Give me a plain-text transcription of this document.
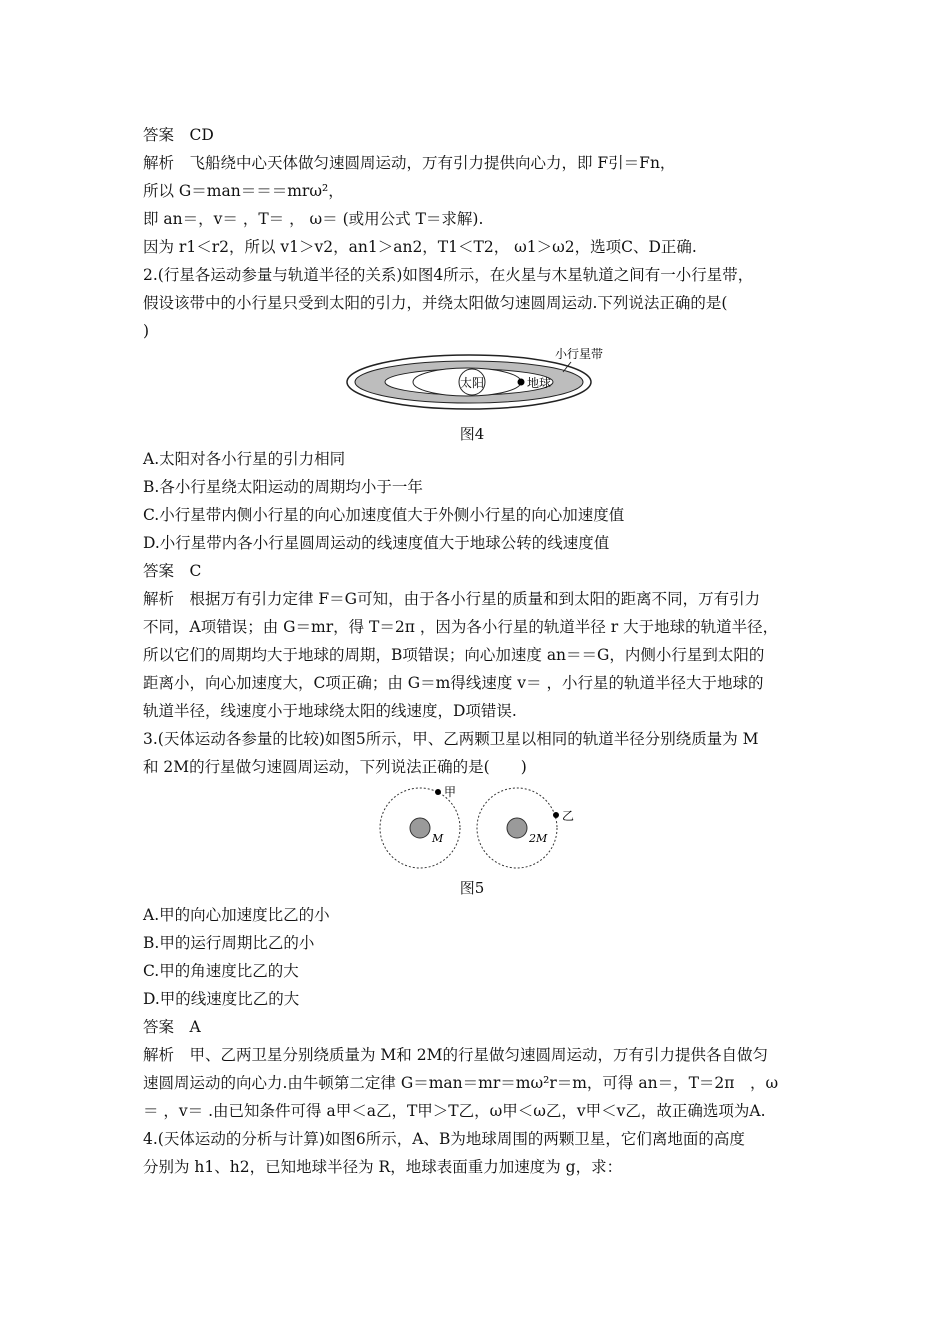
答案　CD
解析　飞船绕中心天体做匀速圆周运动，万有引力提供向心力，即 F引＝Fn，
所以 G＝man＝＝＝mrω²，
即 an＝，v＝ ，T＝ ， ω＝ (或用公式 T＝求解).
因为 r1＜r2，所以 v1＞v2，an1＞an2，T1＜T2， ω1＞ω2，选项C、D正确.
2.(行星各运动参量与轨道半径的关系)如图4所示，在火星与木星轨道之间有一小行星带，
假设该带中的小行星只受到太阳的引力，并绕太阳做匀速圆周运动.下列说法正确的是(
)
太阳	地球
小行星带
图4
A.太阳对各小行星的引力相同
B.各小行星绕太阳运动的周期均小于一年
C.小行星带内侧小行星的向心加速度值大于外侧小行星的向心加速度值
D.小行星带内各小行星圆周运动的线速度值大于地球公转的线速度值
答案　C
解析　根据万有引力定律 F＝G可知，由于各小行星的质量和到太阳的距离不同，万有引力
不同，A项错误；由 G＝mr，得 T＝2π ，因为各小行星的轨道半径 r 大于地球的轨道半径，
所以它们的周期均大于地球的周期，B项错误；向心加速度 an＝＝G，内侧小行星到太阳的
距离小，向心加速度大，C项正确；由 G＝m得线速度 v＝ ，小行星的轨道半径大于地球的
轨道半径，线速度小于地球绕太阳的线速度，D项错误.
3.(天体运动各参量的比较)如图5所示，甲、乙两颗卫星以相同的轨道半径分别绕质量为 M
和 2M的行星做匀速圆周运动，下列说法正确的是(　　)
M
甲
2M
乙
图5
A.甲的向心加速度比乙的小
B.甲的运行周期比乙的小
C.甲的角速度比乙的大
D.甲的线速度比乙的大
答案　A
解析　甲、乙两卫星分别绕质量为 M和 2M的行星做匀速圆周运动，万有引力提供各自做匀
速圆周运动的向心力.由牛顿第二定律 G＝man＝mr＝mω²r＝m，可得 an＝，T＝2π　，ω
＝ ，v＝ .由已知条件可得 a甲＜a乙，T甲＞T乙，ω甲＜ω乙，v甲＜v乙，故正确选项为A.
4.(天体运动的分析与计算)如图6所示，A、B为地球周围的两颗卫星，它们离地面的高度
分别为 h1、h2，已知地球半径为 R，地球表面重力加速度为 g，求：
